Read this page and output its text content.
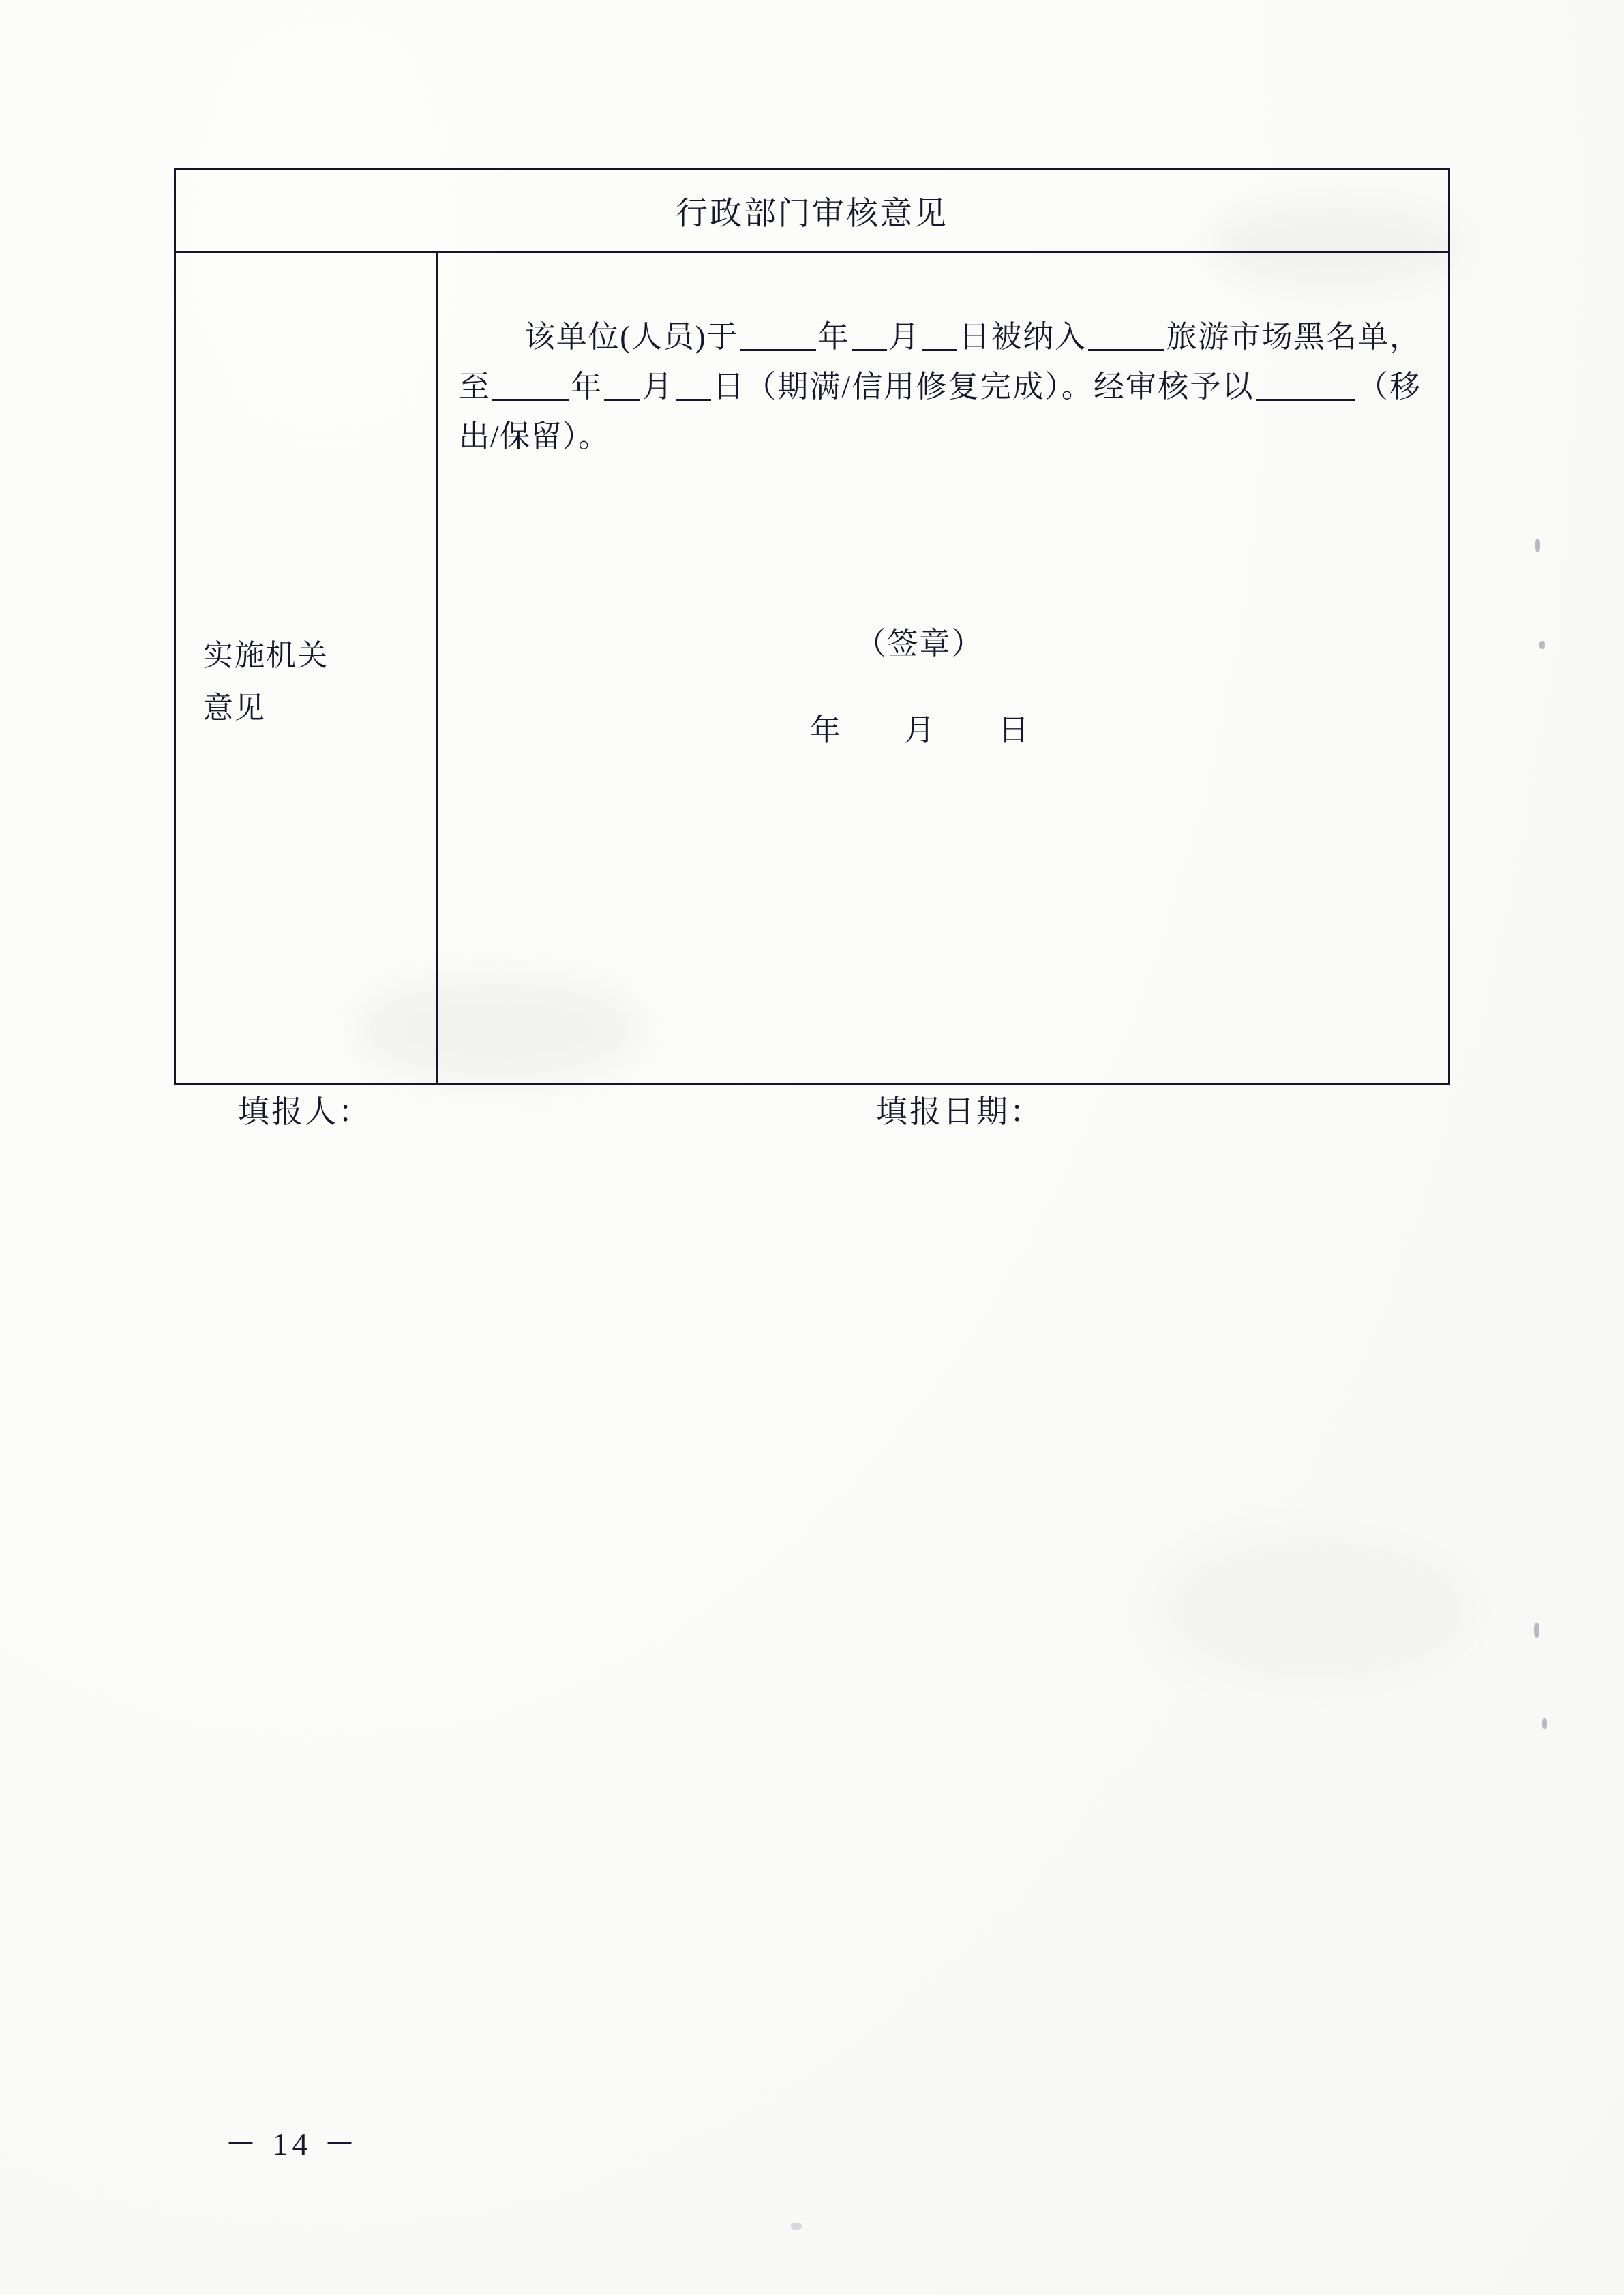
行政部门审核意见
实施机关
意见

该单位(人员)于	年 月 日被纳入	旅游市场黑名单，至	年 月 日（期满/信用修复完成）。经审核予以	（移出/保留）。

（签章）
年　月　日
填报人：	填报日期：
－ 14 －
